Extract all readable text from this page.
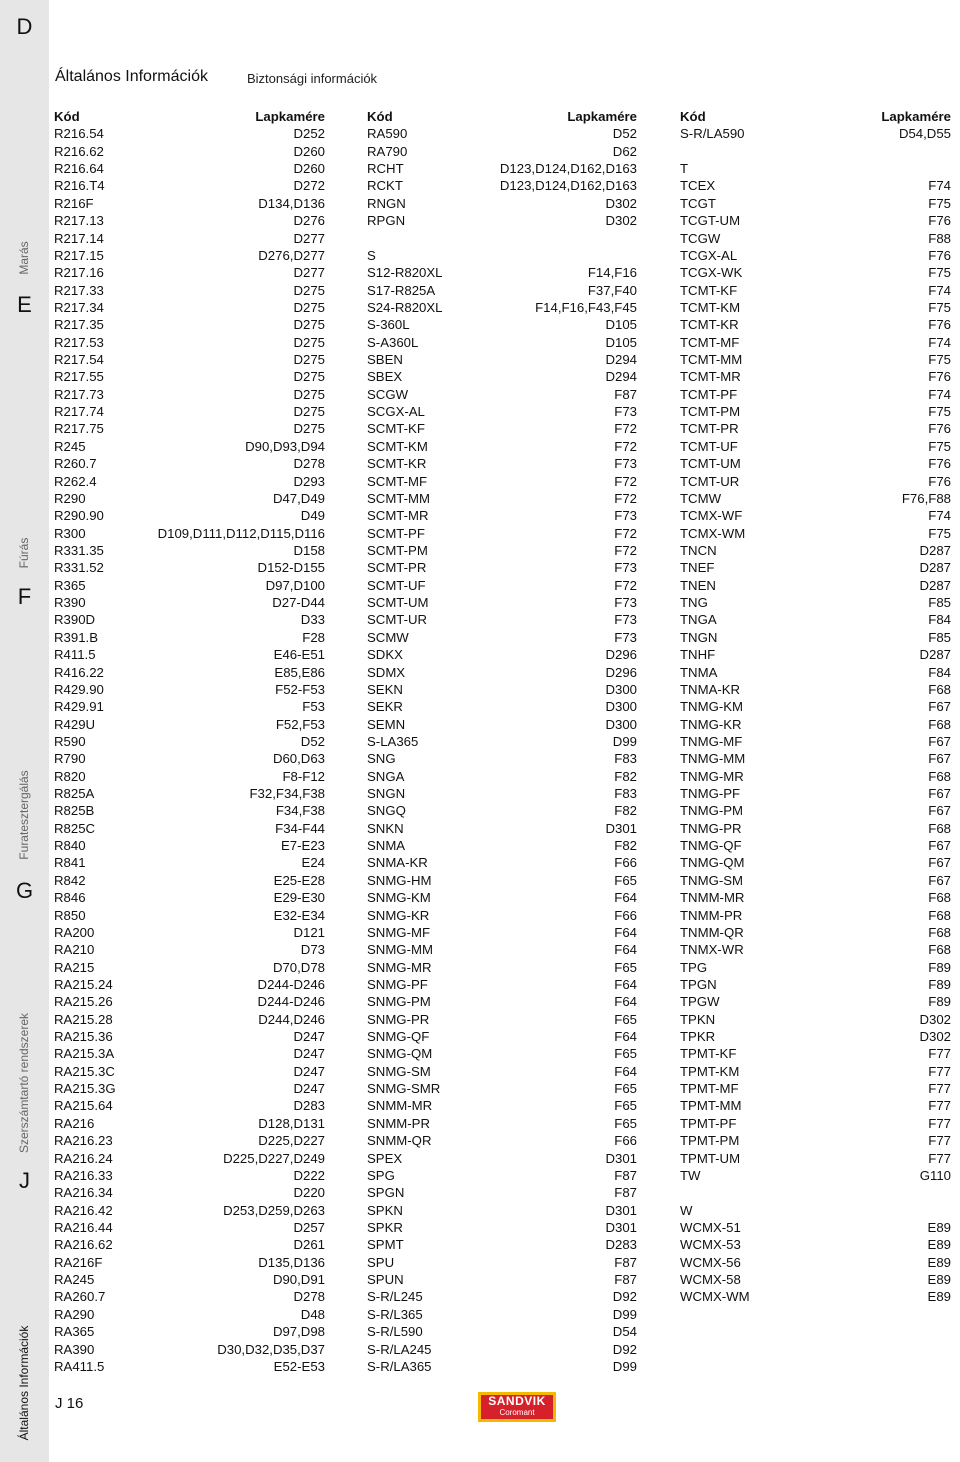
D
Marás
E
Fúrás
F
Furatesztergálás
G
Szerszámtartó rendszerek
J
Általános Információk
Általános Információk	Biztonsági információk
Kód	Lapkamére
R216.54	D252
R216.62	D260
R216.64	D260
R216.T4	D272
R216F	D134,D136
R217.13	D276
R217.14	D277
R217.15	D276,D277
R217.16	D277
R217.33	D275
R217.34	D275
R217.35	D275
R217.53	D275
R217.54	D275
R217.55	D275
R217.73	D275
R217.74	D275
R217.75	D275
R245	D90,D93,D94
R260.7	D278
R262.4	D293
R290	D47,D49
R290.90	D49
R300	D109,D111,D112,D115,D116
R331.35	D158
R331.52	D152-D155
R365	D97,D100
R390	D27-D44
R390D	D33
R391.B	F28
R411.5	E46-E51
R416.22	E85,E86
R429.90	F52-F53
R429.91	F53
R429U	F52,F53
R590	D52
R790	D60,D63
R820	F8-F12
R825A	F32,F34,F38
R825B	F34,F38
R825C	F34-F44
R840	E7-E23
R841	E24
R842	E25-E28
R846	E29-E30
R850	E32-E34
RA200	D121
RA210	D73
RA215	D70,D78
RA215.24	D244-D246
RA215.26	D244-D246
RA215.28	D244,D246
RA215.36	D247
RA215.3A	D247
RA215.3C	D247
RA215.3G	D247
RA215.64	D283
RA216	D128,D131
RA216.23	D225,D227
RA216.24	D225,D227,D249
RA216.33	D222
RA216.34	D220
RA216.42	D253,D259,D263
RA216.44	D257
RA216.62	D261
RA216F	D135,D136
RA245	D90,D91
RA260.7	D278
RA290	D48
RA365	D97,D98
RA390	D30,D32,D35,D37
RA411.5	E52-E53
Kód	Lapkamére
RA590	D52
RA790	D62
RCHT	D123,D124,D162,D163
RCKT	D123,D124,D162,D163
RNGN	D302
RPGN	D302
S
S12-R820XL	F14,F16
S17-R825A	F37,F40
S24-R820XL	F14,F16,F43,F45
S-360L	D105
S-A360L	D105
SBEN	D294
SBEX	D294
SCGW	F87
SCGX-AL	F73
SCMT-KF	F72
SCMT-KM	F72
SCMT-KR	F73
SCMT-MF	F72
SCMT-MM	F72
SCMT-MR	F73
SCMT-PF	F72
SCMT-PM	F72
SCMT-PR	F73
SCMT-UF	F72
SCMT-UM	F73
SCMT-UR	F73
SCMW	F73
SDKX	D296
SDMX	D296
SEKN	D300
SEKR	D300
SEMN	D300
S-LA365	D99
SNG	F83
SNGA	F82
SNGN	F83
SNGQ	F82
SNKN	D301
SNMA	F82
SNMA-KR	F66
SNMG-HM	F65
SNMG-KM	F64
SNMG-KR	F66
SNMG-MF	F64
SNMG-MM	F64
SNMG-MR	F65
SNMG-PF	F64
SNMG-PM	F64
SNMG-PR	F65
SNMG-QF	F64
SNMG-QM	F65
SNMG-SM	F64
SNMG-SMR	F65
SNMM-MR	F65
SNMM-PR	F65
SNMM-QR	F66
SPEX	D301
SPG	F87
SPGN	F87
SPKN	D301
SPKR	D301
SPMT	D283
SPU	F87
SPUN	F87
S-R/L245	D92
S-R/L365	D99
S-R/L590	D54
S-R/LA245	D92
S-R/LA365	D99
Kód	Lapkamére
S-R/LA590	D54,D55
T
TCEX	F74
TCGT	F75
TCGT-UM	F76
TCGW	F88
TCGX-AL	F76
TCGX-WK	F75
TCMT-KF	F74
TCMT-KM	F75
TCMT-KR	F76
TCMT-MF	F74
TCMT-MM	F75
TCMT-MR	F76
TCMT-PF	F74
TCMT-PM	F75
TCMT-PR	F76
TCMT-UF	F75
TCMT-UM	F76
TCMT-UR	F76
TCMW	F76,F88
TCMX-WF	F74
TCMX-WM	F75
TNCN	D287
TNEF	D287
TNEN	D287
TNG	F85
TNGA	F84
TNGN	F85
TNHF	D287
TNMA	F84
TNMA-KR	F68
TNMG-KM	F67
TNMG-KR	F68
TNMG-MF	F67
TNMG-MM	F67
TNMG-MR	F68
TNMG-PF	F67
TNMG-PM	F67
TNMG-PR	F68
TNMG-QF	F67
TNMG-QM	F67
TNMG-SM	F67
TNMM-MR	F68
TNMM-PR	F68
TNMM-QR	F68
TNMX-WR	F68
TPG	F89
TPGN	F89
TPGW	F89
TPKN	D302
TPKR	D302
TPMT-KF	F77
TPMT-KM	F77
TPMT-MF	F77
TPMT-MM	F77
TPMT-PF	F77
TPMT-PM	F77
TPMT-UM	F77
TW	G110
W
WCMX-51	E89
WCMX-53	E89
WCMX-56	E89
WCMX-58	E89
WCMX-WM	E89
J 16	SANDVIK
Coromant
